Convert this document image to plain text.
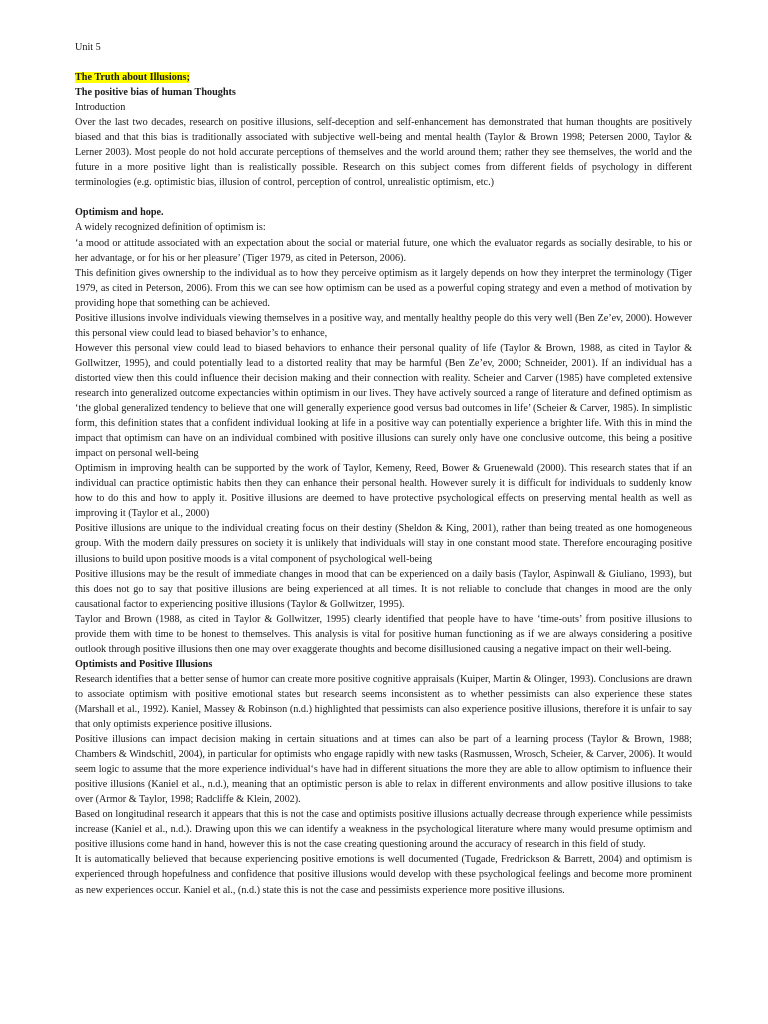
Unit 5

The Truth about Illusions;

The positive bias of human Thoughts

Introduction

Over the last two decades, research on positive illusions, self-deception and self-enhancement has demonstrated that human thoughts are positively biased and that this bias is traditionally associated with subjective well-being and mental health (Taylor & Brown 1998; Petersen 2000, Taylor & Lerner 2003). Most people do not hold accurate perceptions of themselves and the world around them; rather they see themselves, the world and the future in a more positive light than is realistically possible. Research on this subject comes from different fields of psychology in different terminologies (e.g. optimistic bias, illusion of control, perception of control, unrealistic optimism, etc.)

Optimism and hope.

A widely recognized definition of optimism is:

‘a mood or attitude associated with an expectation about the social or material future, one which the evaluator regards as socially desirable, to his or her advantage, or for his or her pleasure’ (Tiger 1979, as cited in Peterson, 2006).

This definition gives ownership to the individual as to how they perceive optimism as it largely depends on how they interpret the terminology (Tiger 1979, as cited in Peterson, 2006). From this we can see how optimism can be used as a powerful coping strategy and even a method of motivation by providing hope that something can be achieved.

Positive illusions involve individuals viewing themselves in a positive way, and mentally healthy people do this very well (Ben Ze’ev, 2000). However this personal view could lead to biased behavior’s to enhance,

However this personal view could lead to biased behaviors to enhance their personal quality of life (Taylor & Brown, 1988, as cited in Taylor & Gollwitzer, 1995), and could potentially lead to a distorted reality that may be harmful (Ben Ze’ev, 2000; Schneider, 2001). If an individual has a distorted view then this could influence their decision making and their connection with reality. Scheier and Carver (1985) have completed extensive research into generalized outcome expectancies within optimism in our lives. They have actively sourced a range of literature and defined optimism as ‘the global generalized tendency to believe that one will generally experience good versus bad outcomes in life’ (Scheier & Carver, 1985). In simplistic form, this definition states that a confident individual looking at life in a positive way can potentially experience a brighter life. With this in mind the impact that optimism can have on an individual combined with positive illusions can surely only have one conclusive outcome, this being a positive impact on personal well-being

Optimism in improving health can be supported by the work of Taylor, Kemeny, Reed, Bower & Gruenewald (2000). This research states that if an individual can practice optimistic habits then they can enhance their personal health. However surely it is difficult for individuals to suddenly know how to do this and how to apply it. Positive illusions are deemed to have protective psychological effects on preserving mental health as well as improving it (Taylor et al., 2000)

Positive illusions are unique to the individual creating focus on their destiny (Sheldon & King, 2001), rather than being treated as one homogeneous group. With the modern daily pressures on society it is unlikely that individuals will stay in one constant mood state. Therefore encouraging positive illusions to build upon positive moods is a vital component of psychological well-being

Positive illusions may be the result of immediate changes in mood that can be experienced on a daily basis (Taylor, Aspinwall & Giuliano, 1993), but this does not go to say that positive illusions are being experienced at all times. It is not reliable to conclude that changes in mood are the only causational factor to experiencing positive illusions (Taylor & Gollwitzer, 1995).

Taylor and Brown (1988, as cited in Taylor & Gollwitzer, 1995) clearly identified that people have to have ‘time-outs’ from positive illusions to provide them with time to be honest to themselves. This analysis is vital for positive human functioning as if we are always considering a positive outlook through positive illusions then one may over exaggerate thoughts and become disillusioned causing a negative impact on their well-being.

Optimists and Positive Illusions

Research identifies that a better sense of humor can create more positive cognitive appraisals (Kuiper, Martin & Olinger, 1993). Conclusions are drawn to associate optimism with positive emotional states but research seems inconsistent as to whether pessimists can also experience these states (Marshall et al., 1992). Kaniel, Massey & Robinson (n.d.) highlighted that pessimists can also experience positive illusions, therefore it is unfair to say that only optimists experience positive illusions.

Positive illusions can impact decision making in certain situations and at times can also be part of a learning process (Taylor & Brown, 1988; Chambers & Windschitl, 2004), in particular for optimists who engage rapidly with new tasks (Rasmussen, Wrosch, Scheier, & Carver, 2006). It would seem logic to assume that the more experience individual‘s have had in different situations the more they are able to allow optimism to influence their positive illusions (Kaniel et al., n.d.), meaning that an optimistic person is able to relax in different environments and allow positive illusions to take over (Armor & Taylor, 1998; Radcliffe & Klein, 2002).

Based on longitudinal research it appears that this is not the case and optimists positive illusions actually decrease through experience while pessimists increase (Kaniel et al., n.d.). Drawing upon this we can identify a weakness in the psychological literature where many would presume optimism and positive illusions come hand in hand, however this is not the case creating questioning around the accuracy of research in this field of study.

It is automatically believed that because experiencing positive emotions is well documented (Tugade, Fredrickson & Barrett, 2004) and optimism is experienced through hopefulness and confidence that positive illusions would develop with these psychological feelings and become more prominent as new experiences occur. Kaniel et al., (n.d.) state this is not the case and pessimists experience more positive illusions.
